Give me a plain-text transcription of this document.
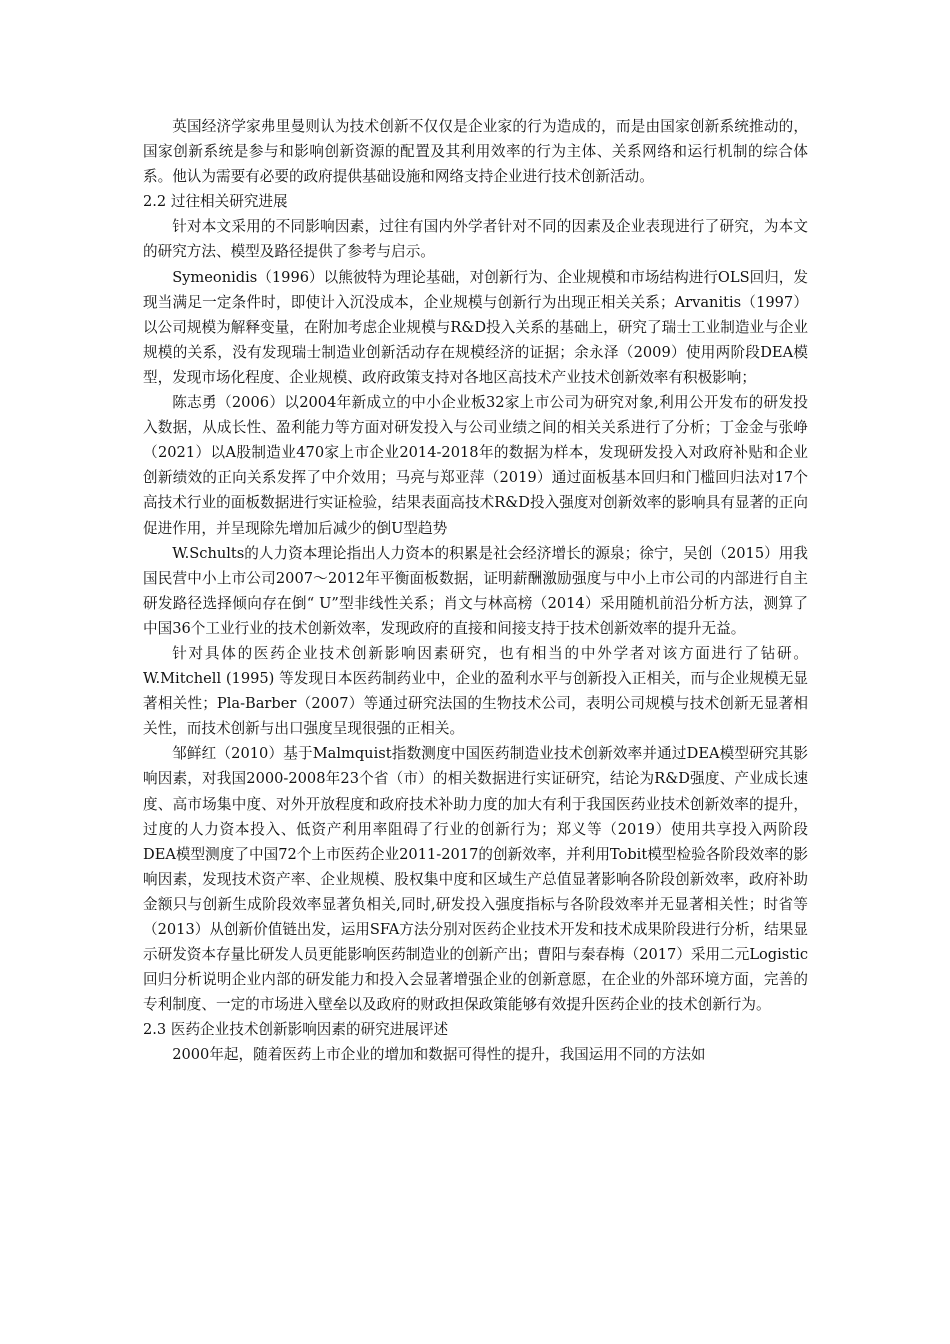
英国经济学家弗里曼则认为技术创新不仅仅是企业家的行为造成的，而是由国家创新系统推动的，国家创新系统是参与和影响创新资源的配置及其利用效率的行为主体、关系网络和运行机制的综合体系。他认为需要有必要的政府提供基础设施和网络支持企业进行技术创新活动。

2.2 过往相关研究进展

针对本文采用的不同影响因素，过往有国内外学者针对不同的因素及企业表现进行了研究，为本文的研究方法、模型及路径提供了参考与启示。

Symeonidis（1996）以熊彼特为理论基础，对创新行为、企业规模和市场结构进行OLS回归，发现当满足一定条件时，即使计入沉没成本，企业规模与创新行为出现正相关关系；Arvanitis（1997）以公司规模为解释变量，在附加考虑企业规模与R&D投入关系的基础上，研究了瑞士工业制造业与企业规模的关系，没有发现瑞士制造业创新活动存在规模经济的证据；余永泽（2009）使用两阶段DEA模型，发现市场化程度、企业规模、政府政策支持对各地区高技术产业技术创新效率有积极影响；

陈志勇（2006）以2004年新成立的中小企业板32家上市公司为研究对象,利用公开发布的研发投入数据，从成长性、盈利能力等方面对研发投入与公司业绩之间的相关关系进行了分析；丁金金与张峥（2021）以A股制造业470家上市企业2014-2018年的数据为样本，发现研发投入对政府补贴和企业创新绩效的正向关系发挥了中介效用；马亮与郑亚萍（2019）通过面板基本回归和门槛回归法对17个高技术行业的面板数据进行实证检验，结果表面高技术R&D投入强度对创新效率的影响具有显著的正向促进作用，并呈现除先增加后减少的倒U型趋势

W.Schults的人力资本理论指出人力资本的积累是社会经济增长的源泉；徐宁，吴创（2015）用我国民营中小上市公司2007～2012年平衡面板数据，证明薪酬激励强度与中小上市公司的内部进行自主研发路径选择倾向存在倒“ U”型非线性关系；肖文与林高榜（2014）采用随机前沿分析方法，测算了中国36个工业行业的技术创新效率，发现政府的直接和间接支持于技术创新效率的提升无益。

针对具体的医药企业技术创新影响因素研究，也有相当的中外学者对该方面进行了钻研。W.Mitchell (1995) 等发现日本医药制药业中，企业的盈利水平与创新投入正相关，而与企业规模无显著相关性；Pla-Barber（2007）等通过研究法国的生物技术公司，表明公司规模与技术创新无显著相关性，而技术创新与出口强度呈现很强的正相关。

邹鲜红（2010）基于Malmquist指数测度中国医药制造业技术创新效率并通过DEA模型研究其影响因素，对我国2000-2008年23个省（市）的相关数据进行实证研究，结论为R&D强度、产业成长速度、高市场集中度、对外开放程度和政府技术补助力度的加大有利于我国医药业技术创新效率的提升，过度的人力资本投入、低资产利用率阻碍了行业的创新行为；郑义等（2019）使用共享投入两阶段DEA模型测度了中国72个上市医药企业2011-2017的创新效率，并利用Tobit模型检验各阶段效率的影响因素，发现技术资产率、企业规模、股权集中度和区域生产总值显著影响各阶段创新效率，政府补助金额只与创新生成阶段效率显著负相关,同时,研发投入强度指标与各阶段效率并无显著相关性；时省等（2013）从创新价值链出发，运用SFA方法分别对医药企业技术开发和技术成果阶段进行分析，结果显示研发资本存量比研发人员更能影响医药制造业的创新产出；曹阳与秦春梅（2017）采用二元Logistic回归分析说明企业内部的研发能力和投入会显著增强企业的创新意愿，在企业的外部环境方面，完善的专利制度、一定的市场进入壁垒以及政府的财政担保政策能够有效提升医药企业的技术创新行为。

2.3 医药企业技术创新影响因素的研究进展评述

2000年起，随着医药上市企业的增加和数据可得性的提升，我国运用不同的方法如
